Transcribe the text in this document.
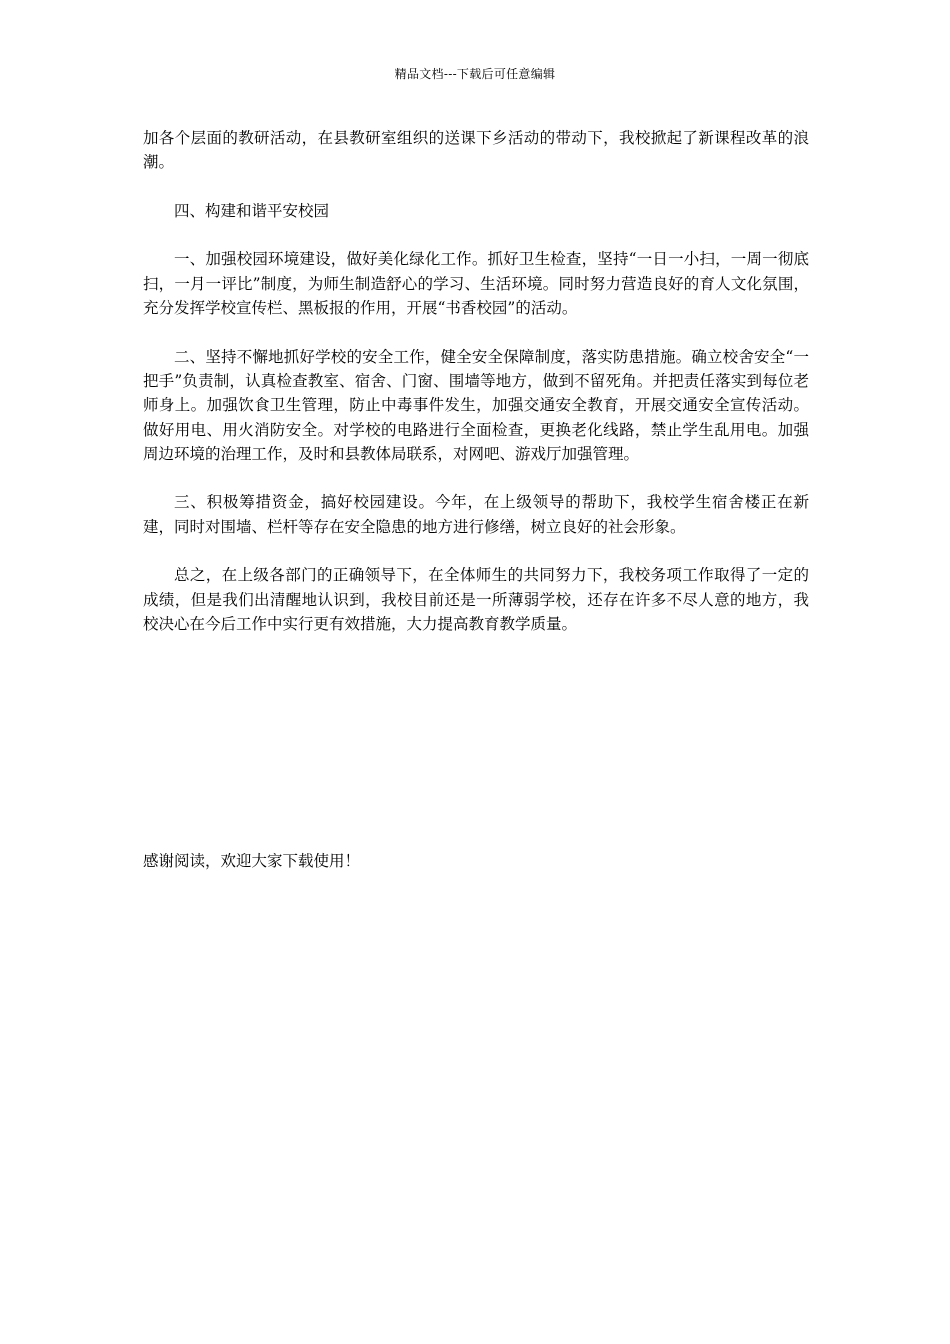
精品文档---下载后可任意编辑

加各个层面的教研活动，在县教研室组织的送课下乡活动的带动下，我校掀起了新课程改革的浪潮。

四、构建和谐平安校园

一、加强校园环境建设，做好美化绿化工作。抓好卫生检查，坚持“一日一小扫，一周一彻底扫，一月一评比”制度，为师生制造舒心的学习、生活环境。同时努力营造良好的育人文化氛围，充分发挥学校宣传栏、黑板报的作用，开展“书香校园”的活动。

二、坚持不懈地抓好学校的安全工作，健全安全保障制度，落实防患措施。确立校舍安全“一把手”负责制，认真检查教室、宿舍、门窗、围墙等地方，做到不留死角。并把责任落实到每位老师身上。加强饮食卫生管理，防止中毒事件发生，加强交通安全教育，开展交通安全宣传活动。做好用电、用火消防安全。对学校的电路进行全面检查，更换老化线路，禁止学生乱用电。加强周边环境的治理工作，及时和县教体局联系，对网吧、游戏厅加强管理。

三、积极筹措资金，搞好校园建设。今年，在上级领导的帮助下，我校学生宿舍楼正在新建，同时对围墙、栏杆等存在安全隐患的地方进行修缮，树立良好的社会形象。

总之，在上级各部门的正确领导下，在全体师生的共同努力下，我校务项工作取得了一定的成绩，但是我们出清醒地认识到，我校目前还是一所薄弱学校，还存在许多不尽人意的地方，我校决心在今后工作中实行更有效措施，大力提高教育教学质量。

感谢阅读，欢迎大家下载使用！
